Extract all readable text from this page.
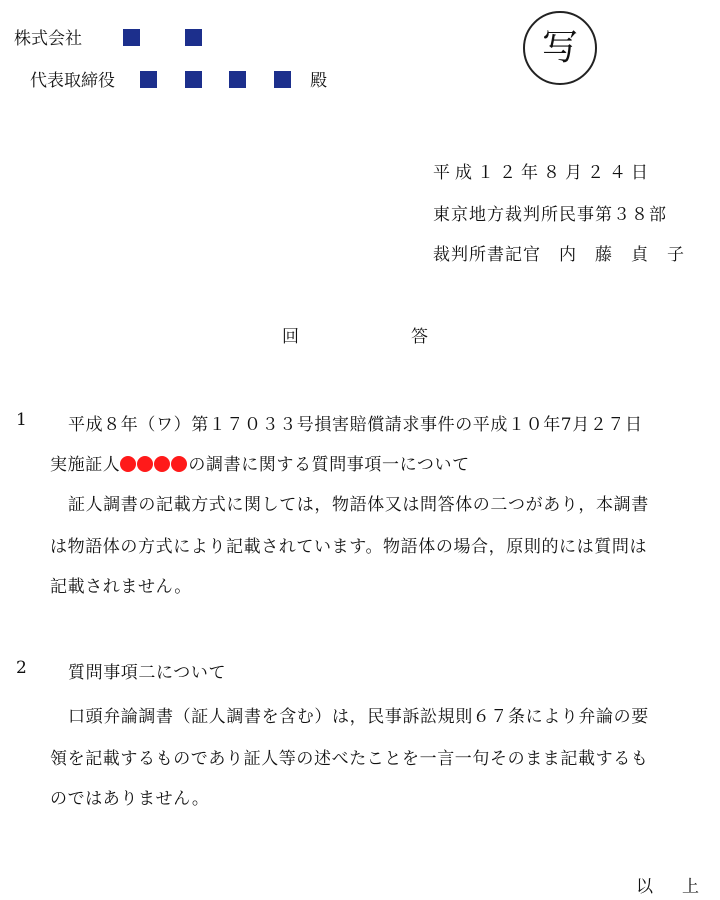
株式会社
代表取締役	殿
写
平成１２年８月２４日
東京地方裁判所民事第３８部
裁判所書記官　内　藤　貞　子
回　　答
1 平成８年（ワ）第１７０３３号損害賠償請求事件の平成１０年7月２７日
実施証人	の調書に関する質問事項一について
証人調書の記載方式に関しては，物語体又は問答体の二つがあり，本調書
は物語体の方式により記載されています。物語体の場合，原則的には質問は
記載されません。
2 質問事項二について
口頭弁論調書（証人調書を含む）は，民事訴訟規則６７条により弁論の要
領を記載するものであり証人等の述べたことを一言一句そのまま記載するも
のではありません。
以　上
